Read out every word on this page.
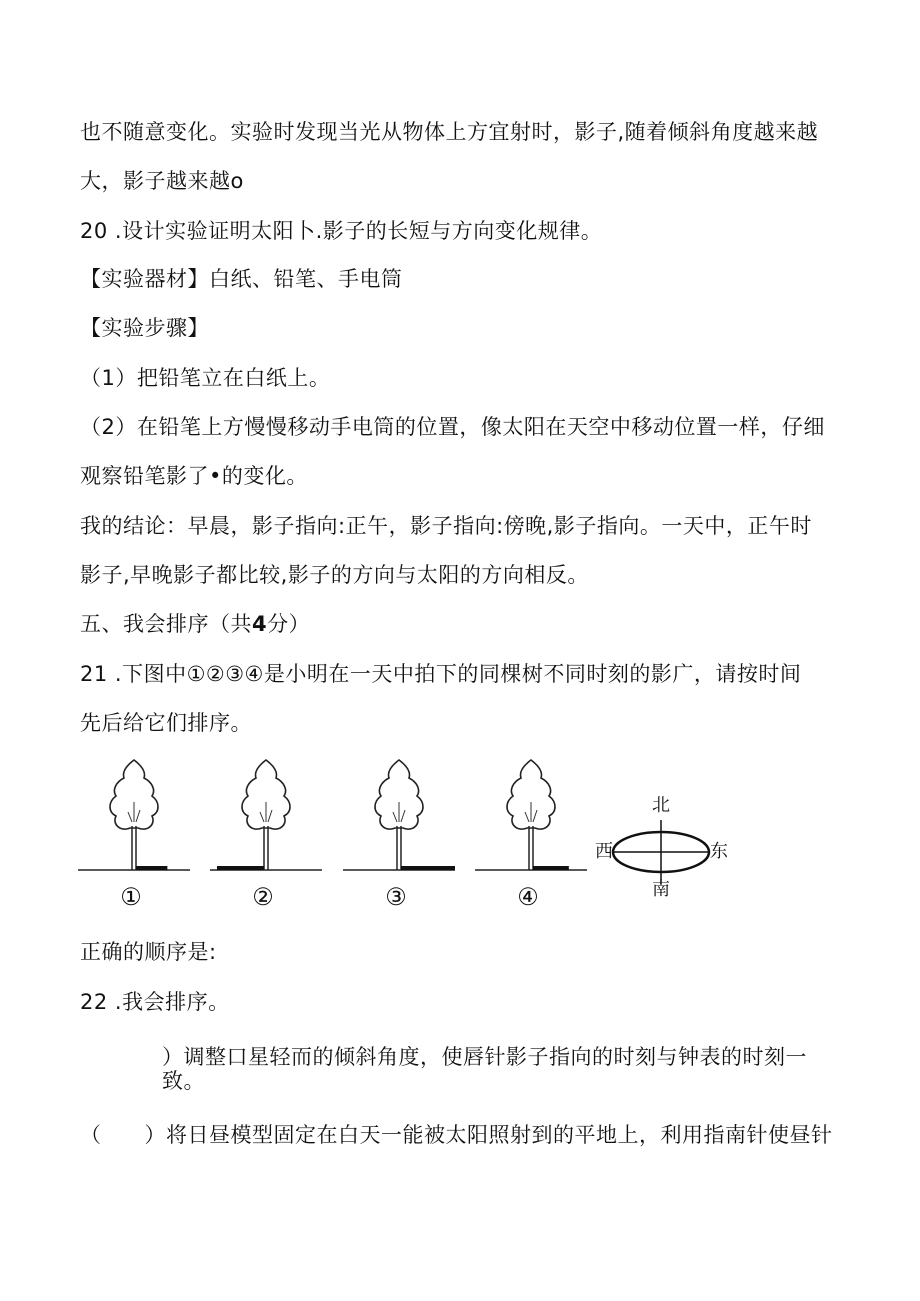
也不随意变化。实验时发现当光从物体上方宜射时，影子,随着倾斜角度越来越
大，影子越来越o
20 .设计实验证明太阳卜.影子的长短与方向变化规律。
【实验器材】白纸、铅笔、手电筒
【实验步骤】
（1）把铅笔立在白纸上。
（2）在铅笔上方慢慢移动手电筒的位置，像太阳在天空中移动位置一样，仔细
观察铅笔影了•的变化。
我的结论：早晨，影子指向:正午，影子指向:傍晚,影子指向。一天中，正午时
影子,早晚影子都比较,影子的方向与太阳的方向相反。
五、我会排序（共4分）
21 .下图中①②③④是小明在一天中拍下的同棵树不同时刻的影广，请按时间
先后给它们排序。
①	②	③	④
北
南
西	东
正确的顺序是:
22 .我会排序。
）调整口星轻而的倾斜角度，使唇针影子指向的时刻与钟表的时刻一
致。
（　　）将日昼模型固定在白天一能被太阳照射到的平地上，利用指南针使昼针
